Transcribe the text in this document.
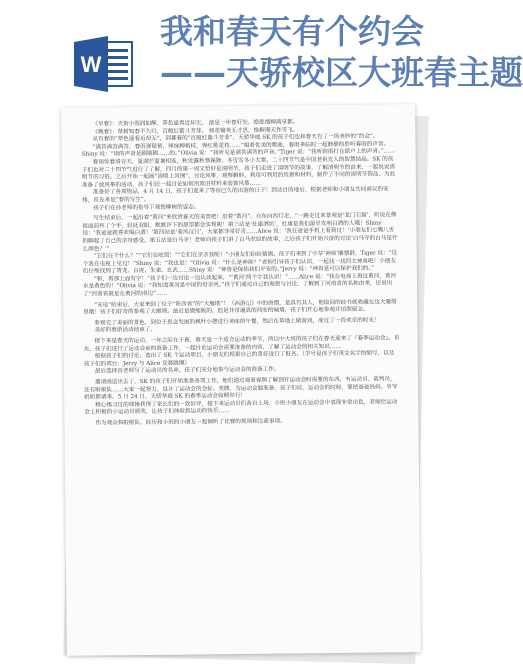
W
我和春天有个约会
——天骄校区大班春主题

《早春》：天街小雨润如酥，草色遥看近却无。 最是一年春好处，绝胜烟柳满皇都。

《晚春》：草树知春不久归，百般红紫斗芳菲。 杨花榆荚无才思，惟解漫天作雪飞。

从有春的“草色遥看近却无”，到暮春的“百般红紫斗芳菲”，天骄华庭 SK 的孩子们也和春天有了一场美妙的“约会”。

“满答满答满答，春雨弹琵琶，弹绿柳梢枝，弹红桃花枝……”唱着优美的歌曲，春雨来临时一起静静的聆听春雨的声音。Shiny 说：“雨的声音是刷刷刷……的。”Olivia 说：“我听见是满答满答的声音。”Tiger 说：“我听到雨打在窗户上的声音。”……

春雨惊春清谷天，夏满芒夏暑相连，秋处露秋寒霜降，冬雪雪冬小大寒。二十四节气是中国老祖先人的智慧结晶。SK 的孩子们也对二十四节气进行了了解，四月的第一周又恰好是清明节，孩子们走进了清明节的故事，了解清明节的由来，一起说说清明节的习俗。之后开始一起画“清明上河图”，讨论风筝，观察蝌蚪，利用可利用的资源和材料，制作了不同的清明节饰品，为此准备了放风筝的活动，孩子们还一起讨论如何用废旧材料来装饰风筝……

准备好了各项物品，4 月 14 日，孩子们迎来了等待已久的出游的日子！到达目的地后，根据老师和小朋友共同商议的安排，首先来是“春的写生”。

孩子们在孙老师的指导下观察柳树的姿态。

写生结束后，一起沿着“黄河”来欣赏春天的美景吧！沿着“黄河”，自东向西行走，“一路走过来景观是‘龙门石窟’，听说在佛祖面前拜了个手，轻抚双眼，默默许下的愿望都会实现呢！第三站是‘杜康酒坊’，杜康是我们最早发明白酒的人哦！Shiny 说：‘我爸爸就喜欢喝白酒！’第四站是‘秦风汉月’，大家都非常好奇……Alice 说：‘我在爸爸手机上看到过！’小朋友们七嘴八舌的聊起了自己的亲身感受。第五站是白马寺！老师向孩子们讲了白马驮经的故事，之后孩子们开始兴奋的讨论‘白马寺的白马是什么颜色？’”

“它们在干什么？”“它们在吃饭！”“它们在亲亲我呢！”小朋友们纷纷猜测。孩子们来到了中华‘神兽’雕塑群，Tiger 说：“这个我在电视上见过！”Shiny 说：“我也是！”Olivia 说：“什么是神兽？”老师引导孩子们认识，一起找一找四大神兽吧！小朋友们仔细找到了青龙、白虎、朱雀、玄武……Shiny 说：“神兽是保佑我们平安的。”Jerry 说：“神兽是可以保护我们的。”

“和，看那上面有字！”孩子们一边讨论一边认读起来，“‘黄河’两个字我认识！”……Alice 说：“我在电视上看过黄河，黄河水是黄色的！”Olivia 说：“我知道黄河是中国的母亲河。”孩子们通过自己的观察与讨论，了解到了河南省的名称由来，还说出了“河南省就是在黄河的南边”……

“充电”结束后，大家来到了位于“陕西省”的“大雁塔”！《西游记》中的唐僧，是真有其人，他取回的经书就收藏在这大雁塔里哦！孩子们好奇的参观了大雁塔。最后是微缩版的，但是非常逼真的西安的城墙，孩子们开心地参观并拍照留念。

参观完了美丽的景色，到位于思念发展的枫叶小憩进行美味的午餐，然后在草地上做游戏，度过了一段欢乐的时光！

美好的春游活动结束了。

接下来是春天的运动，一年之际在于春，春天是一个适合运动的季节，所以中大班的孩子们在春天迎来了『春季运动会』。首先，孩子们进行了运动会前的准备工作，一起讨论运动会需要准备的内容，了解了运动会的相关知识……

根据孩子们的讨论，选出了 SK 个运动项目，小朋友们根据自己的喜好进行了报名。（学号是孩子们英文名字的缩写，以及孩子们的项目；Jerry 与 Alice 竞赛跳绳）

最后选择由老师写了运动员的名单，孩子们充分地参与运动会的准备工作。

邀请函送出去了，SK 的孩子们开始准备各项工作，他们通过观看视频了解到开运动会时需要的东西，有运动员、裁判员，还有啦啦队……大家一起努力，设计了运动会的会标、奖牌，为运动会做准备，孩子们说，运动会的时候，要把爸爸妈妈、爷爷奶奶都请来。5 月 24 日，天骄华庭 SK 的春季运动会如期举行！

精心练习过的球操获得了家长们的一致好评，接下来运动员们各自上场，小班小朋友在运动会中表现非常出色，老师给运动会上积极的小运动员颁奖，让孩子们体验到运动的快乐……

作为观众和啦啦队，经历和小班的小朋友一起倾听了比赛的规则和注意事项。
